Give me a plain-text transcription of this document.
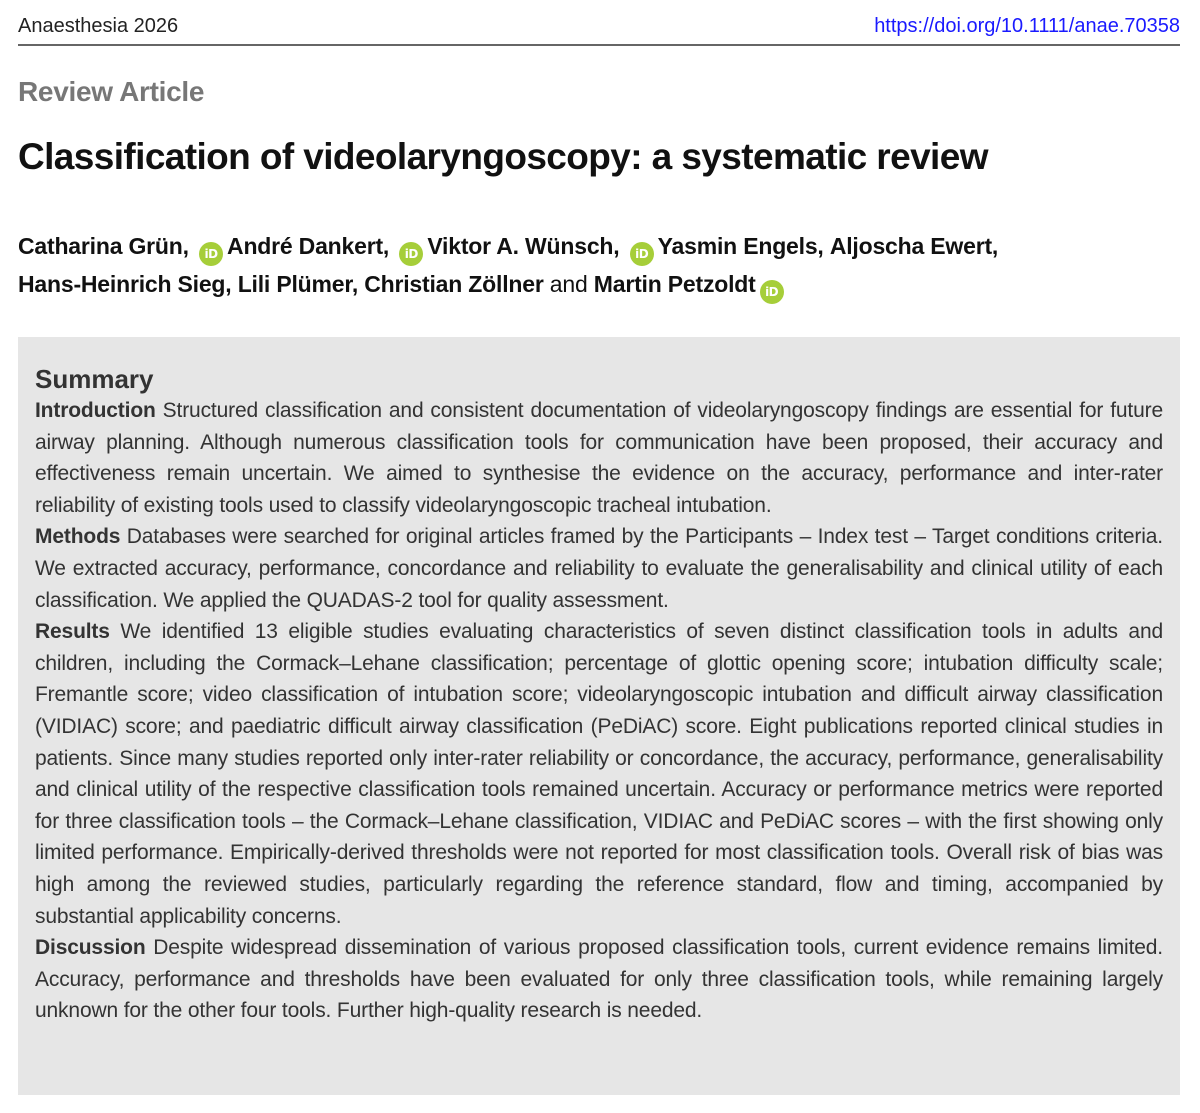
Anaesthesia 2026	https://doi.org/10.1111/anae.70358
Review Article
Classification of videolaryngoscopy: a systematic review
Catharina Grün, iD André Dankert, iD Viktor A. Wünsch, iD Yasmin Engels, Aljoscha Ewert,
Hans-Heinrich Sieg, Lili Plümer, Christian Zöllner and Martin Petzoldt iD
Summary

Introduction Structured classification and consistent documentation of videolaryngoscopy findings are essential for future airway planning. Although numerous classification tools for communication have been proposed, their accuracy and effectiveness remain uncertain. We aimed to synthesise the evidence on the accuracy, performance and inter-rater reliability of existing tools used to classify videolaryngoscopic tracheal intubation.

Methods Databases were searched for original articles framed by the Participants – Index test – Target conditions criteria. We extracted accuracy, performance, concordance and reliability to evaluate the generalisability and clinical utility of each classification. We applied the QUADAS-2 tool for quality assessment.

Results We identified 13 eligible studies evaluating characteristics of seven distinct classification tools in adults and children, including the Cormack–Lehane classification; percentage of glottic opening score; intubation difficulty scale; Fremantle score; video classification of intubation score; videolaryngoscopic intubation and difficult airway classification (VIDIAC) score; and paediatric difficult airway classification (PeDiAC) score. Eight publications reported clinical studies in patients. Since many studies reported only inter-rater reliability or concordance, the accuracy, performance, generalisability and clinical utility of the respective classification tools remained uncertain. Accuracy or performance metrics were reported for three classification tools – the Cormack–Lehane classification, VIDIAC and PeDiAC scores – with the first showing only limited performance. Empirically-derived thresholds were not reported for most classification tools. Overall risk of bias was high among the reviewed studies, particularly regarding the reference standard, flow and timing, accompanied by substantial applicability concerns.

Discussion Despite widespread dissemination of various proposed classification tools, current evidence remains limited. Accuracy, performance and thresholds have been evaluated for only three classification tools, while remaining largely unknown for the other four tools. Further high-quality research is needed.
